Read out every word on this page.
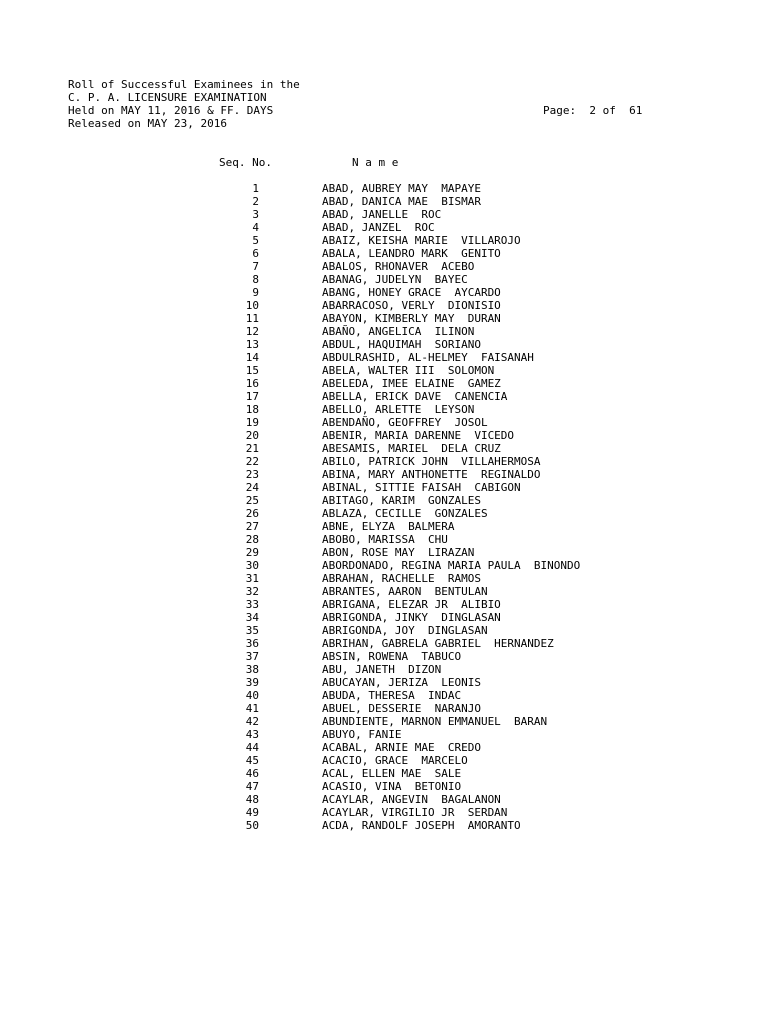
Roll of Successful Examinees in the
C. P. A. LICENSURE EXAMINATION
Held on MAY 11, 2016 & FF. DAYS
Released on MAY 23, 2016
Page:  2 of  61
Seq. No.	N a m e
1	ABAD, AUBREY MAY  MAPAYE
2	ABAD, DANICA MAE  BISMAR
3	ABAD, JANELLE  ROC
4	ABAD, JANZEL  ROC
5	ABAIZ, KEISHA MARIE  VILLAROJO
6	ABALA, LEANDRO MARK  GENITO
7	ABALOS, RHONAVER  ACEBO
8	ABANAG, JUDELYN  BAYEC
9	ABANG, HONEY GRACE  AYCARDO
10	ABARRACOSO, VERLY  DIONISIO
11	ABAYON, KIMBERLY MAY  DURAN
12	ABAÑO, ANGELICA  ILINON
13	ABDUL, HAQUIMAH  SORIANO
14	ABDULRASHID, AL-HELMEY  FAISANAH
15	ABELA, WALTER III  SOLOMON
16	ABELEDA, IMEE ELAINE  GAMEZ
17	ABELLA, ERICK DAVE  CANENCIA
18	ABELLO, ARLETTE  LEYSON
19	ABENDAÑO, GEOFFREY  JOSOL
20	ABENIR, MARIA DARENNE  VICEDO
21	ABESAMIS, MARIEL  DELA CRUZ
22	ABILO, PATRICK JOHN  VILLAHERMOSA
23	ABINA, MARY ANTHONETTE  REGINALDO
24	ABINAL, SITTIE FAISAH  CABIGON
25	ABITAGO, KARIM  GONZALES
26	ABLAZA, CECILLE  GONZALES
27	ABNE, ELYZA  BALMERA
28	ABOBO, MARISSA  CHU
29	ABON, ROSE MAY  LIRAZAN
30	ABORDONADO, REGINA MARIA PAULA  BINONDO
31	ABRAHAN, RACHELLE  RAMOS
32	ABRANTES, AARON  BENTULAN
33	ABRIGANA, ELEZAR JR  ALIBIO
34	ABRIGONDA, JINKY  DINGLASAN
35	ABRIGONDA, JOY  DINGLASAN
36	ABRIHAN, GABRELA GABRIEL  HERNANDEZ
37	ABSIN, ROWENA  TABUCO
38	ABU, JANETH  DIZON
39	ABUCAYAN, JERIZA  LEONIS
40	ABUDA, THERESA  INDAC
41	ABUEL, DESSERIE  NARANJO
42	ABUNDIENTE, MARNON EMMANUEL  BARAN
43	ABUYO, FANIE
44	ACABAL, ARNIE MAE  CREDO
45	ACACIO, GRACE  MARCELO
46	ACAL, ELLEN MAE  SALE
47	ACASIO, VINA  BETONIO
48	ACAYLAR, ANGEVIN  BAGALANON
49	ACAYLAR, VIRGILIO JR  SERDAN
50	ACDA, RANDOLF JOSEPH  AMORANTO
